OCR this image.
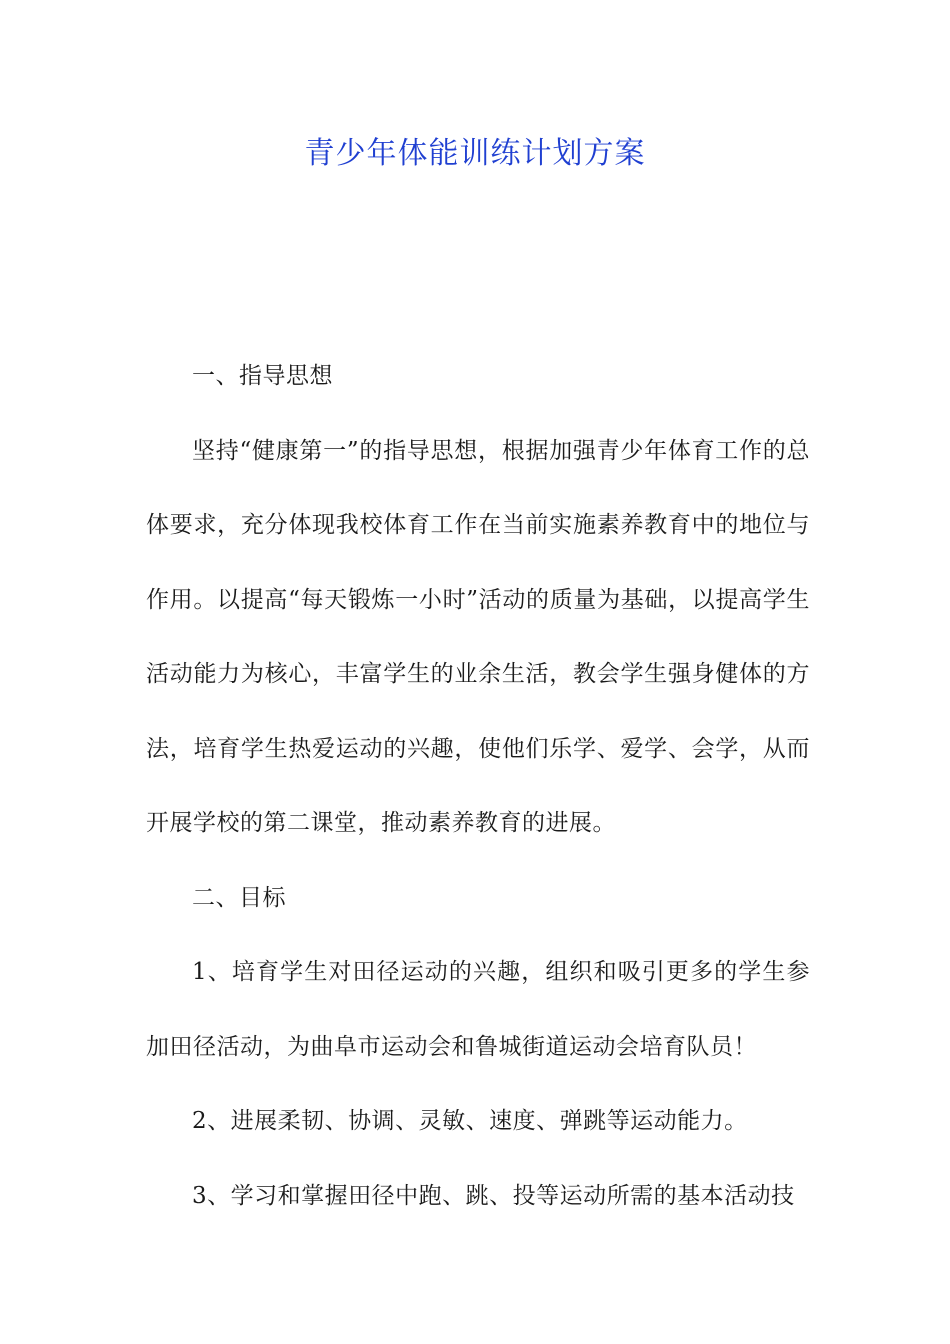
青少年体能训练计划方案

一、指导思想

坚持“健康第一”的指导思想，根据加强青少年体育工作的总体要求，充分体现我校体育工作在当前实施素养教育中的地位与作用。以提高“每天锻炼一小时”活动的质量为基础，以提高学生活动能力为核心，丰富学生的业余生活，教会学生强身健体的方法，培育学生热爱运动的兴趣，使他们乐学、爱学、会学，从而开展学校的第二课堂，推动素养教育的进展。

二、目标

1、培育学生对田径运动的兴趣，组织和吸引更多的学生参加田径活动，为曲阜市运动会和鲁城街道运动会培育队员！

2、进展柔韧、协调、灵敏、速度、弹跳等运动能力。

3、学习和掌握田径中跑、跳、投等运动所需的基本活动技
